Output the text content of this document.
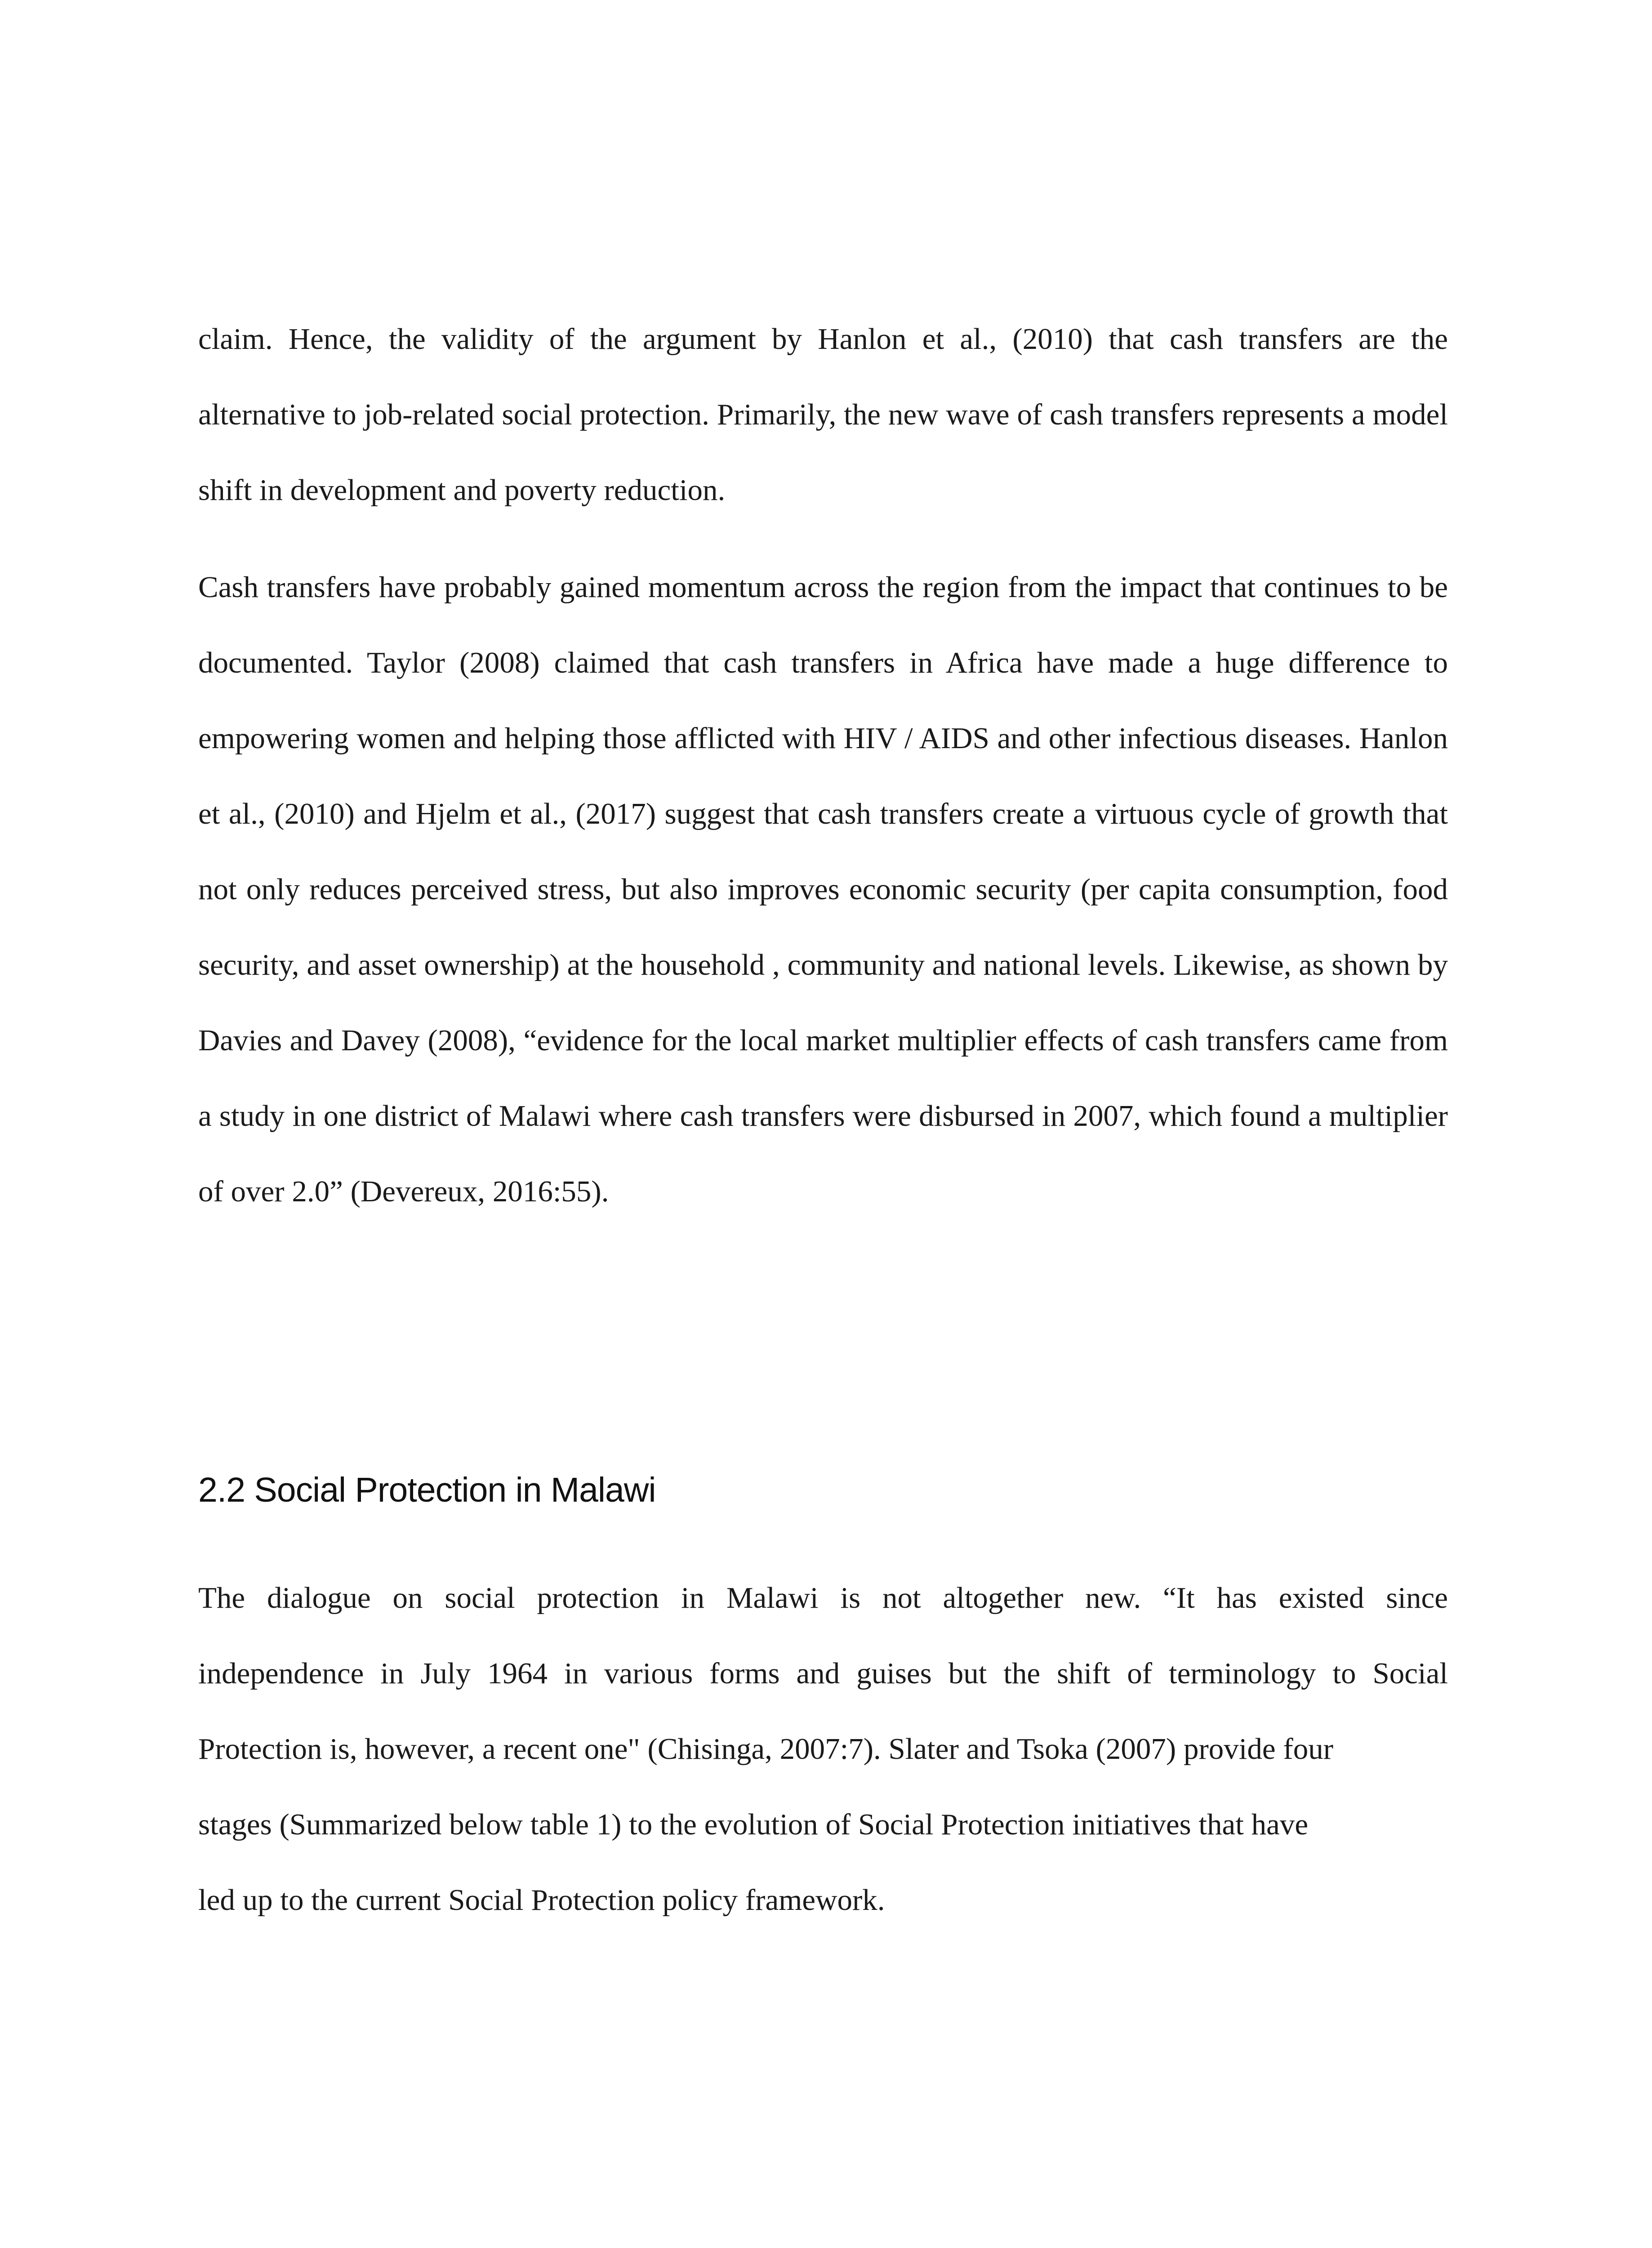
claim. Hence, the validity of the argument by Hanlon et al., (2010) that cash transfers are the alternative to job-related social protection. Primarily, the new wave of cash transfers represents a model shift in development and poverty reduction.

Cash transfers have probably gained momentum across the region from the impact that continues to be documented. Taylor (2008) claimed that cash transfers in Africa have made a huge difference to empowering women and helping those afflicted with HIV / AIDS and other infectious diseases. Hanlon et al., (2010) and Hjelm et al., (2017) suggest that cash transfers create a virtuous cycle of growth that not only reduces perceived stress, but also improves economic security (per capita consumption, food security, and asset ownership) at the household , community and national levels. Likewise, as shown by Davies and Davey (2008), “evidence for the local market multiplier effects of cash transfers came from a study in one district of Malawi where cash transfers were disbursed in 2007, which found a multiplier of over 2.0” (Devereux, 2016:55).

2.2 Social Protection in Malawi
The dialogue on social protection in Malawi is not altogether new. “It has existed since
independence in July 1964 in various forms and guises but the shift of terminology to Social
Protection is, however, a recent one" (Chisinga, 2007:7). Slater and Tsoka (2007) provide four
stages (Summarized below table 1) to the evolution of Social Protection initiatives that have
led up to the current Social Protection policy framework.
